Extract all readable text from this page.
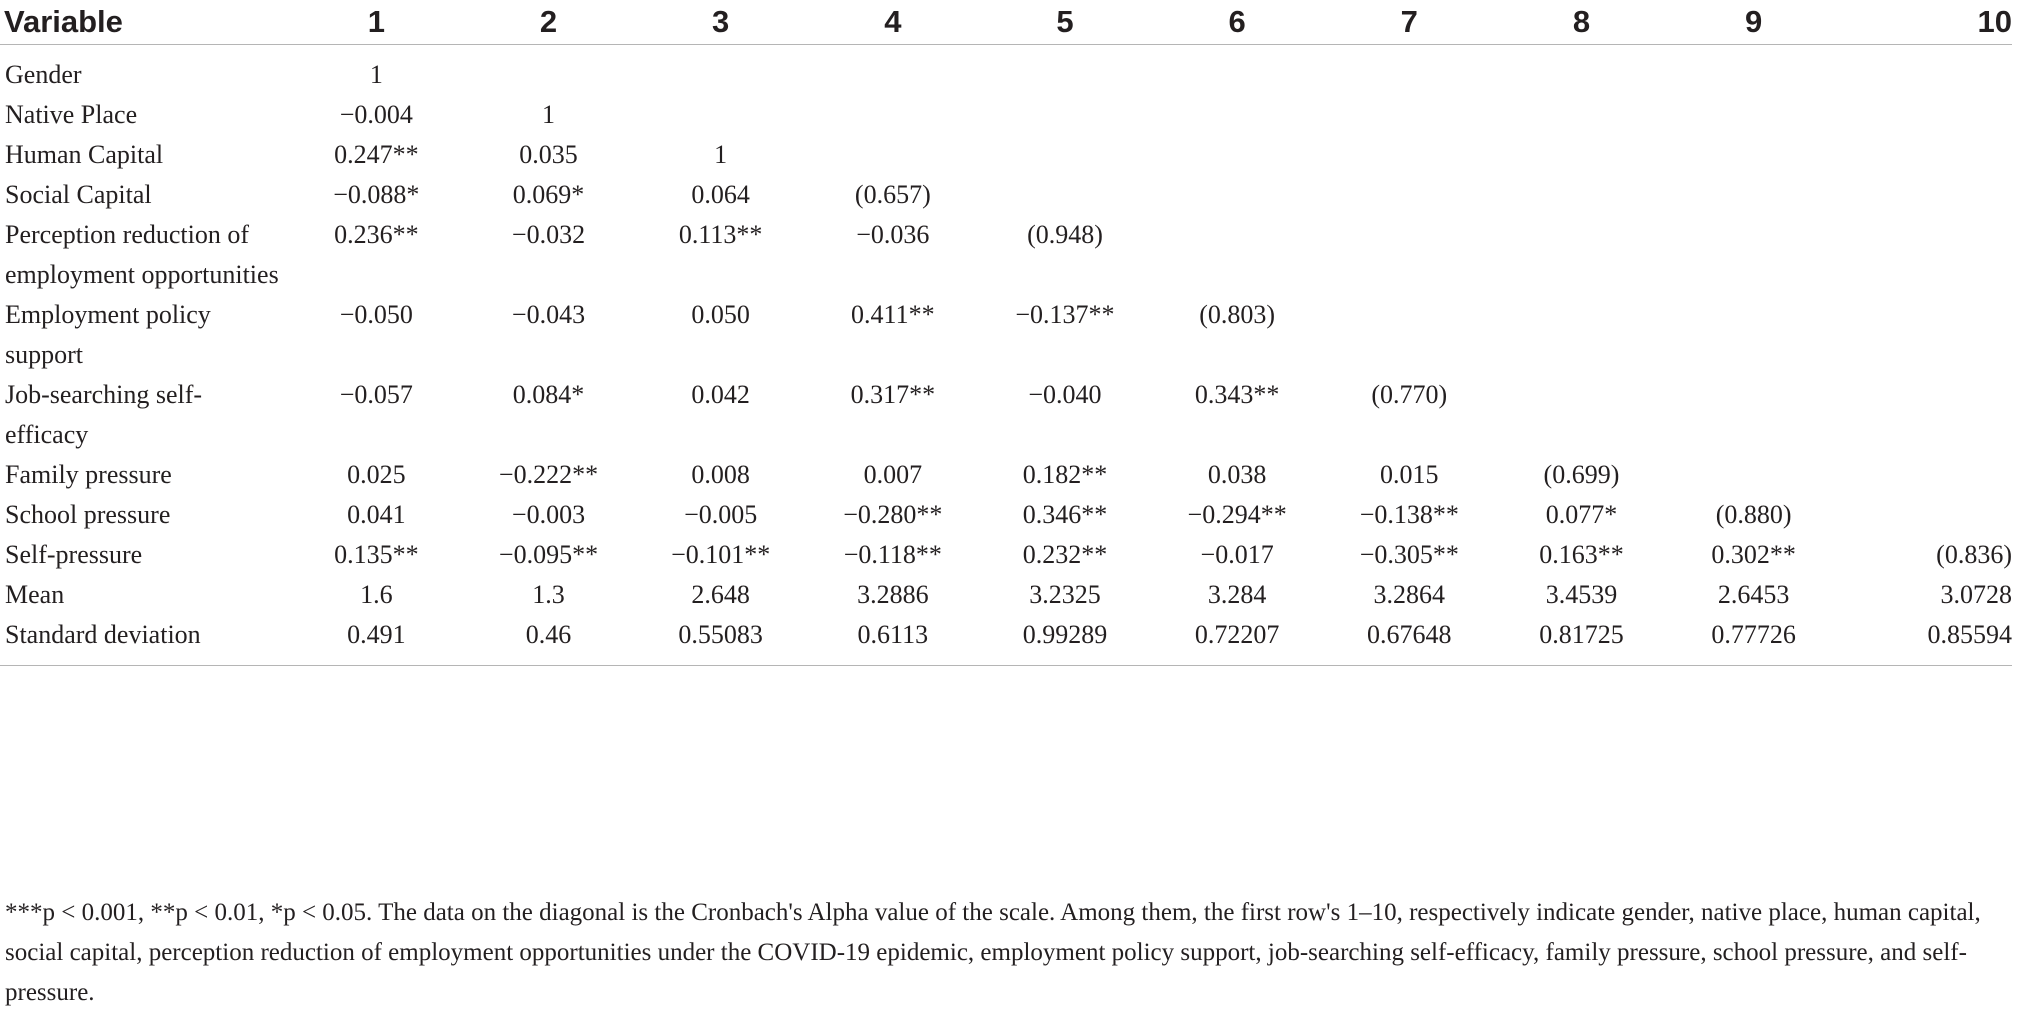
Variable	1	2	3	4	5	6	7	8	9	10
Gender	1									
Native Place	−0.004	1								
Human Capital	0.247**	0.035	1							
Social Capital	−0.088*	0.069*	0.064	(0.657)						
Perception reduction of employment opportunities	0.236**	−0.032	0.113**	−0.036	(0.948)					
Employment policy support	−0.050	−0.043	0.050	0.411**	−0.137**	(0.803)				
Job-searching self-efficacy	−0.057	0.084*	0.042	0.317**	−0.040	0.343**	(0.770)			
Family pressure	0.025	−0.222**	0.008	0.007	0.182**	0.038	0.015	(0.699)		
School pressure	0.041	−0.003	−0.005	−0.280**	0.346**	−0.294**	−0.138**	0.077*	(0.880)	
Self-pressure	0.135**	−0.095**	−0.101**	−0.118**	0.232**	−0.017	−0.305**	0.163**	0.302**	(0.836)
Mean	1.6	1.3	2.648	3.2886	3.2325	3.284	3.2864	3.4539	2.6453	3.0728
Standard deviation	0.491	0.46	0.55083	0.6113	0.99289	0.72207	0.67648	0.81725	0.77726	0.85594

***p < 0.001, **p < 0.01, *p < 0.05. The data on the diagonal is the Cronbach's Alpha value of the scale. Among them, the first row's 1–10, respectively indicate gender, native place, human capital, social capital, perception reduction of employment opportunities under the COVID-19 epidemic, employment policy support, job-searching self-efficacy, family pressure, school pressure, and self-pressure.
